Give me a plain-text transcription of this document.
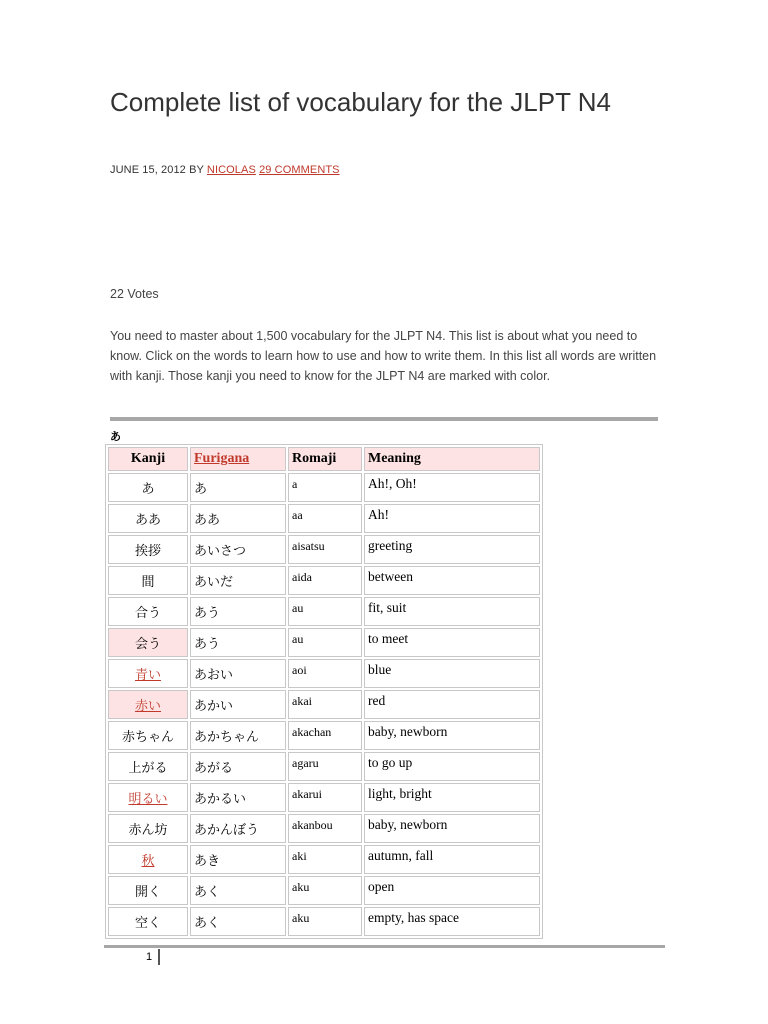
Complete list of vocabulary for the JLPT N4
JUNE 15, 2012 BY NICOLAS 29 COMMENTS
22 Votes

You need to master about 1,500 vocabulary for the JLPT N4. This list is about what you need to know. Click on the words to learn how to use and how to write them. In this list all words are written with kanji. Those kanji you need to know for the JLPT N4 are marked with color.

あ
Kanji	Furigana	Romaji	Meaning
あ	あ	a	Ah!, Oh!
ああ	ああ	aa	Ah!
挨拶	あいさつ	aisatsu	greeting
間	あいだ	aida	between
合う	あう	au	fit, suit
会う	あう	au	to meet
青い	あおい	aoi	blue
赤い	あかい	akai	red
赤ちゃん	あかちゃん	akachan	baby, newborn
上がる	あがる	agaru	to go up
明るい	あかるい	akarui	light, bright
赤ん坊	あかんぼう	akanbou	baby, newborn
秋	あき	aki	autumn, fall
開く	あく	aku	open
空く	あく	aku	empty, has space
1
